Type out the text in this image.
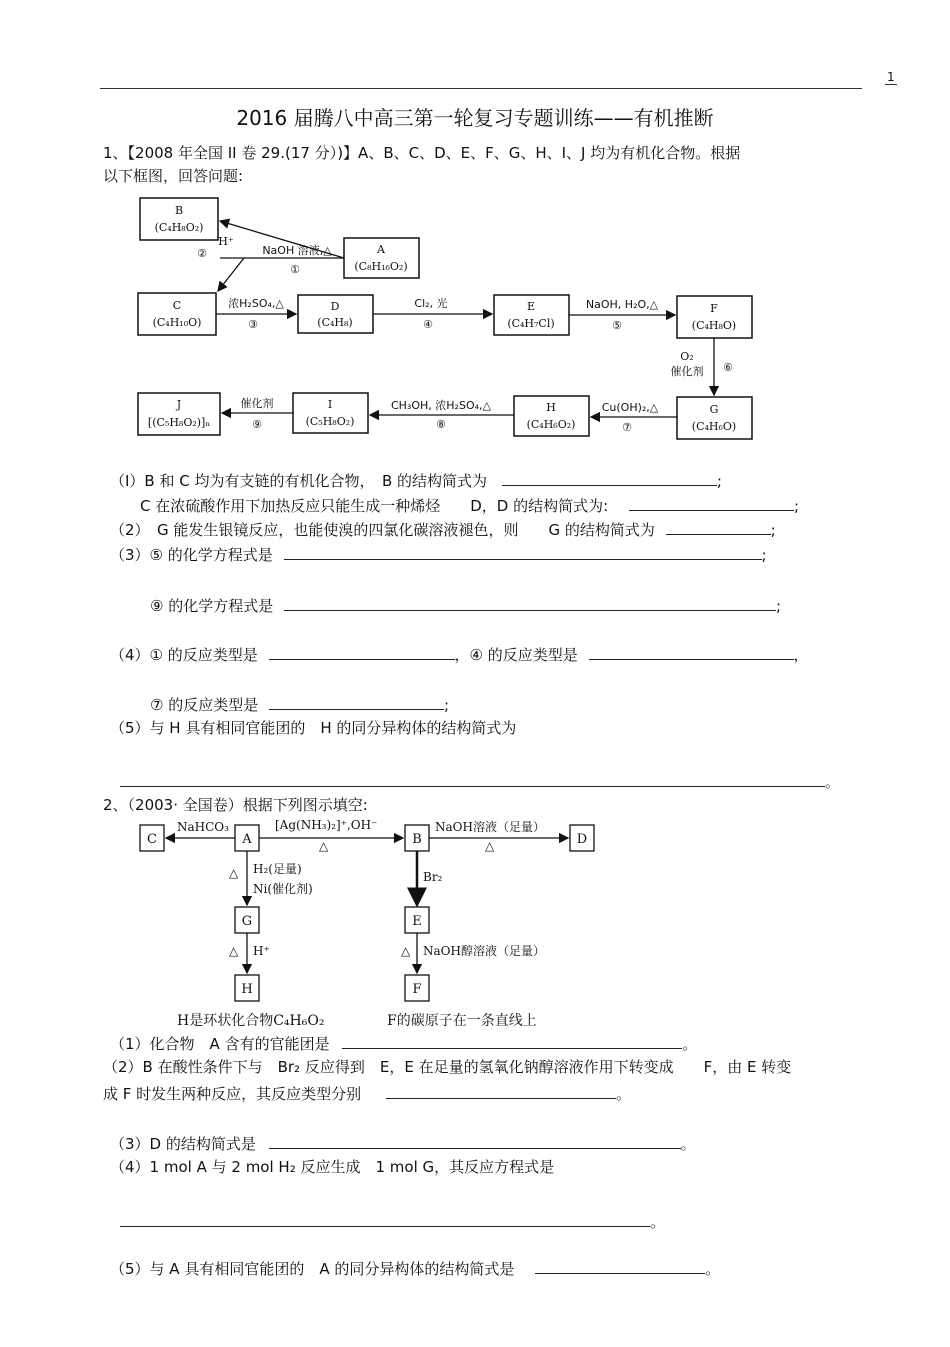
1
2016 届腾八中高三第一轮复习专题训练——有机推断
1、【2008 年全国 II 卷 29.(17 分）)】A、B、C、D、E、F、G、H、I、J 均为有机化合物。根据
以下框图，回答问题:
B
(C₄H₈O₂)
A
(C₈H₁₆O₂)
C
(C₄H₁₀O)
D
(C₄H₈)
E
(C₄H₇Cl)
F
(C₄H₈O)
G
(C₄H₆O)
H
(C₄H₆O₂)
I
(C₅H₈O₂)
J
[(C₅H₈O₂)]ₙ
NaOH 溶液,△
①
H⁺
②
浓H₂SO₄,△
③
Cl₂, 光
④
NaOH, H₂O,△
⑤
O₂
催化剂 ⑥
Cu(OH)₂,△
⑦
CH₃OH, 浓H₂SO₄,△
⑧
催化剂
⑨
（I）B 和 C 均为有支链的有机化合物，　B 的结构简式为	;
C 在浓硫酸作用下加热反应只能生成一种烯烃　　D，D 的结构简式为:	;
（2）　G 能发生银镜反应，也能使溴的四氯化碳溶液褪色，则　　G 的结构简式为	;
（3）⑤ 的化学方程式是	;
⑨ 的化学方程式是	;
（4）① 的反应类型是	，④ 的反应类型是	，
⑦ 的反应类型是	;
（5）与 H 具有相同官能团的　H 的同分异构体的结构简式为
。
2、（2003· 全国卷）根据下列图示填空:
C	A	B	D
G
H
E
F
NaHCO₃	[Ag(NH₃)₂]⁺,OH⁻
△
NaOH溶液（足量）
△
△ H₂(足量)
Ni(催化剂)
△ H⁺
Br₂
△ NaOH醇溶液（足量）
H是环状化合物C₄H₆O₂	F的碳原子在一条直线上
（1）化合物　A 含有的官能团是	。
（2）B 在酸性条件下与　Br₂ 反应得到　E，E 在足量的氢氧化钠醇溶液作用下转变成　　F，由 E 转变
成 F 时发生两种反应，其反应类型分别	。
（3）D 的结构简式是	。
（4）1 mol A 与 2 mol H₂ 反应生成　1 mol G，其反应方程式是
。
（5）与 A 具有相同官能团的　A 的同分异构体的结构简式是	。
